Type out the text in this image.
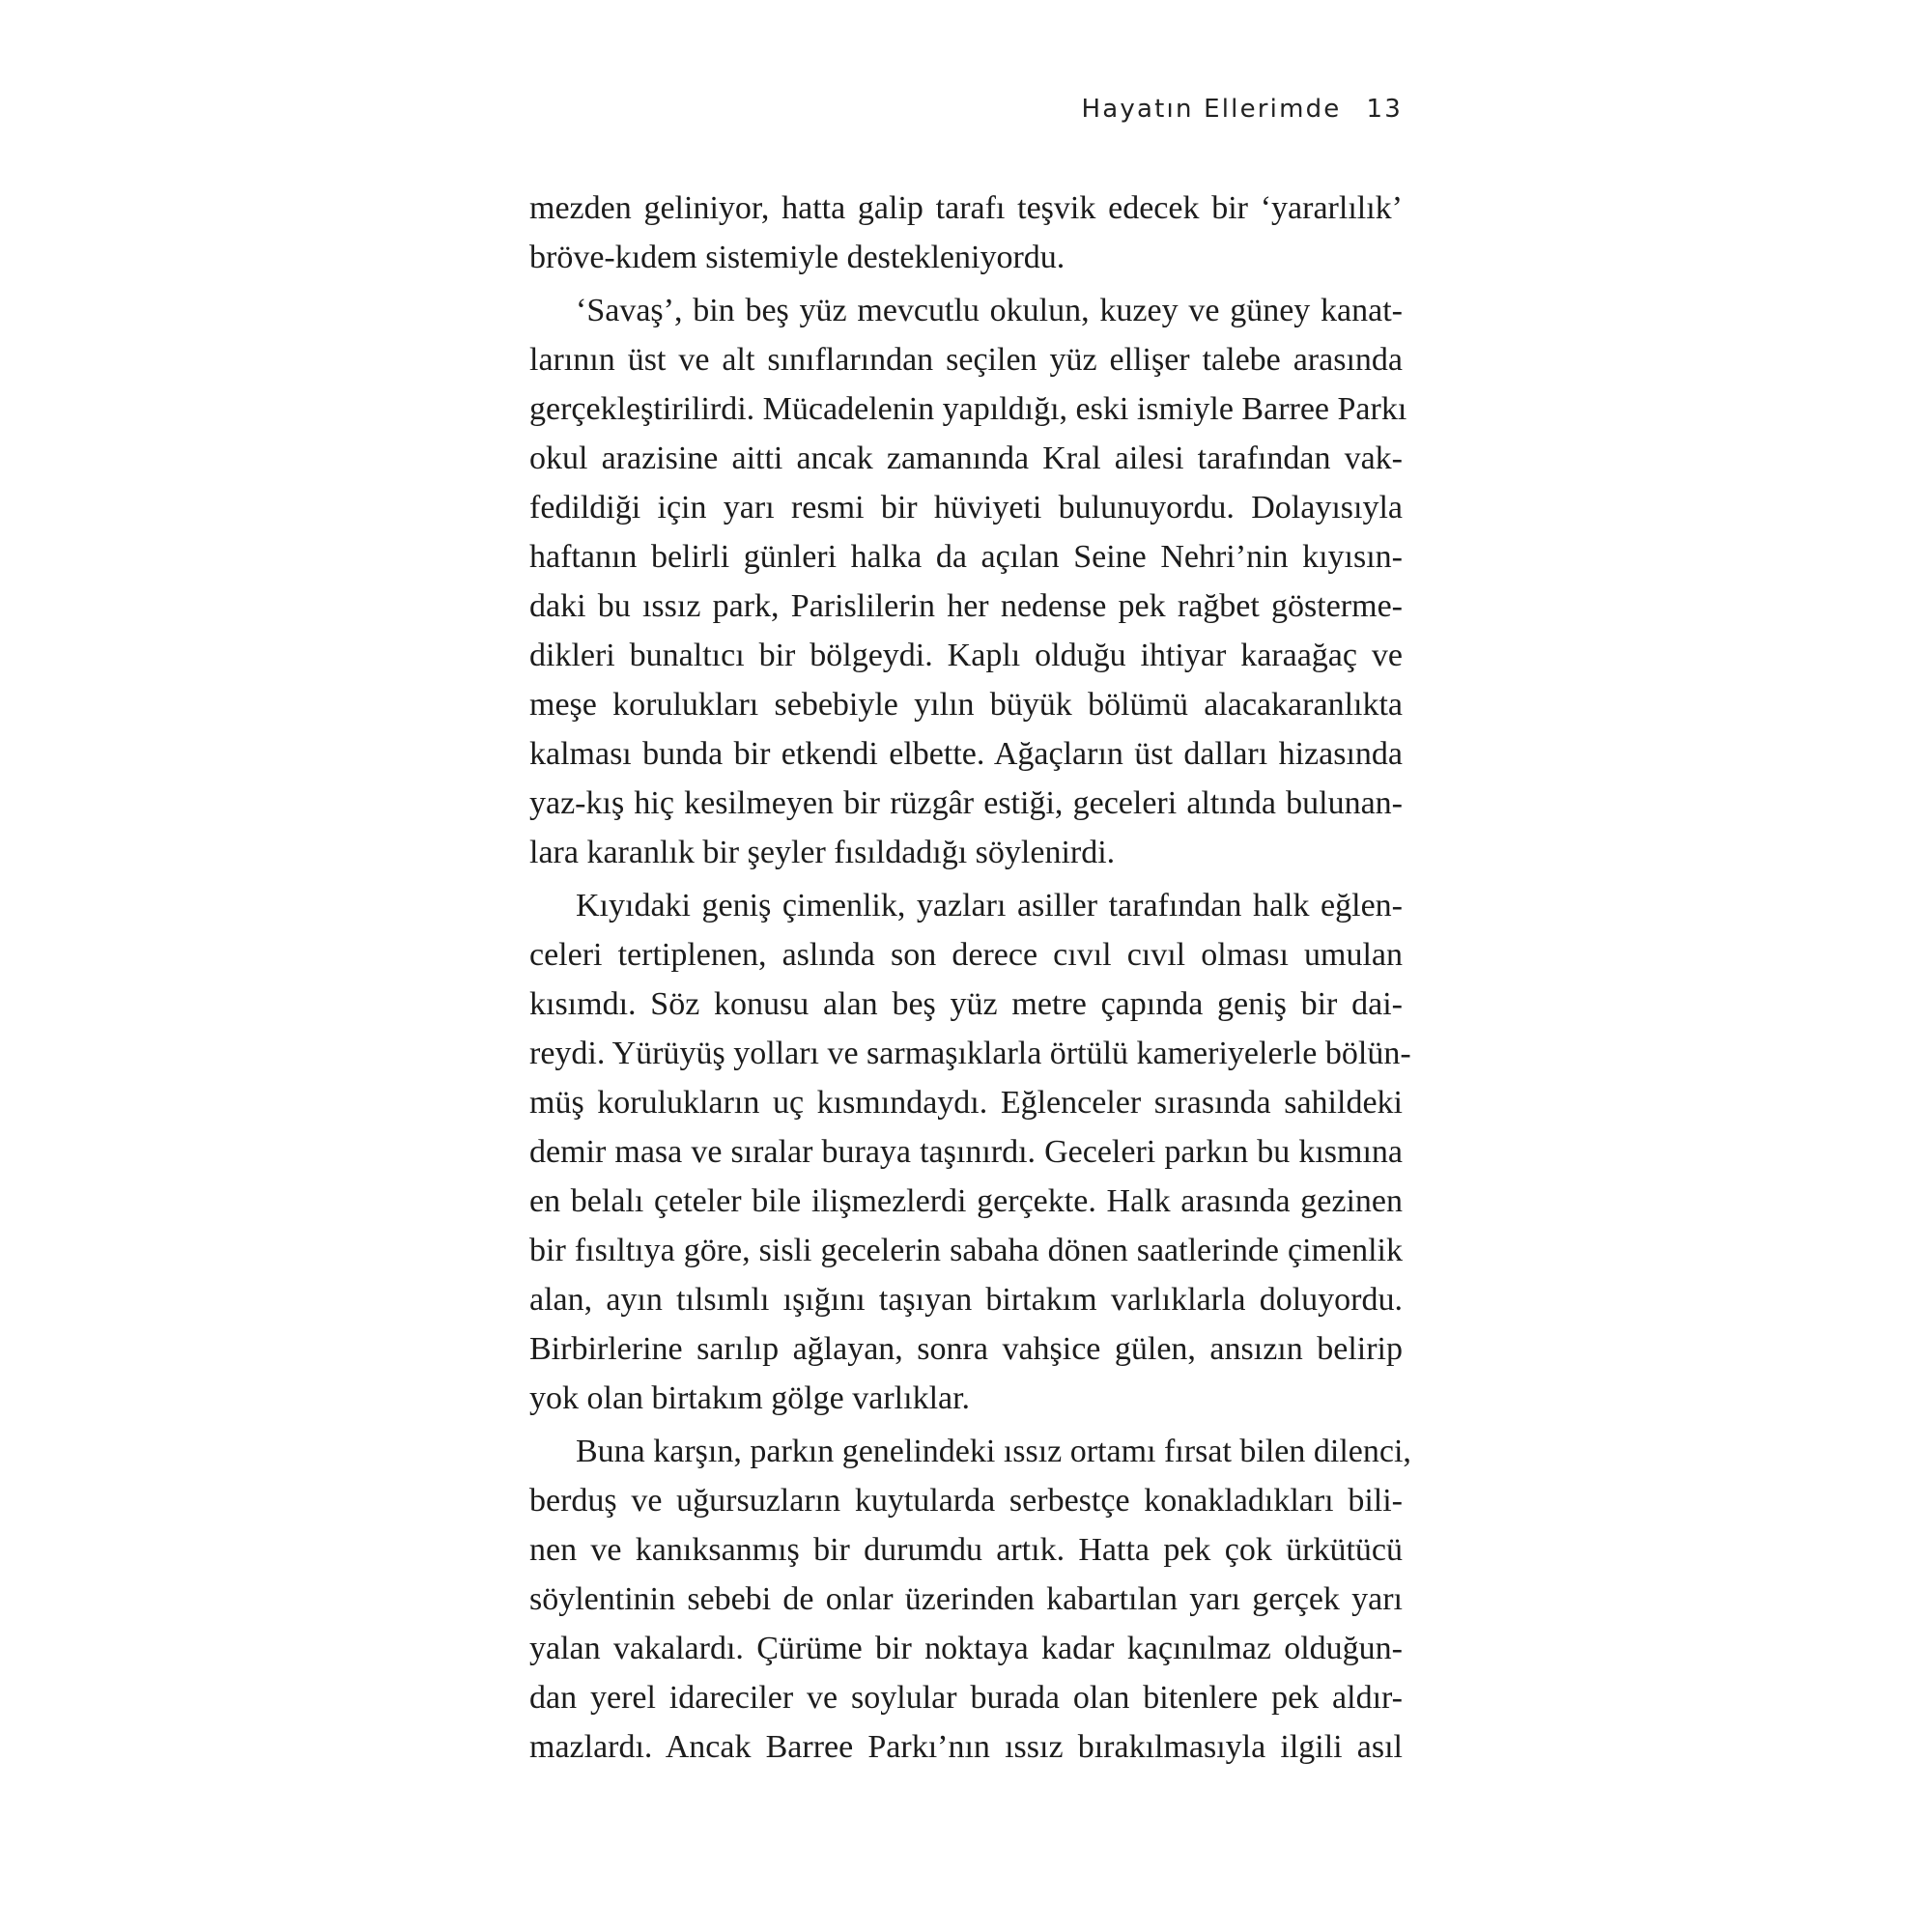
Hayatın Ellerimde 13

mezden geliniyor, hatta galip tarafı teşvik edecek bir ‘yararlılık’
bröve-kıdem sistemiyle destekleniyordu.

‘Savaş’, bin beş yüz mevcutlu okulun, kuzey ve güney kanat-
larının üst ve alt sınıflarından seçilen yüz ellişer talebe arasında
gerçekleştirilirdi. Mücadelenin yapıldığı, eski ismiyle Barree Parkı
okul arazisine aitti ancak zamanında Kral ailesi tarafından vak-
fedildiği için yarı resmi bir hüviyeti bulunuyordu. Dolayısıyla
haftanın belirli günleri halka da açılan Seine Nehri’nin kıyısın-
daki bu ıssız park, Parislilerin her nedense pek rağbet gösterme-
dikleri bunaltıcı bir bölgeydi. Kaplı olduğu ihtiyar karaağaç ve
meşe korulukları sebebiyle yılın büyük bölümü alacakaranlıkta
kalması bunda bir etkendi elbette. Ağaçların üst dalları hizasında
yaz-kış hiç kesilmeyen bir rüzgâr estiği, geceleri altında bulunan-
lara karanlık bir şeyler fısıldadığı söylenirdi.

Kıyıdaki geniş çimenlik, yazları asiller tarafından halk eğlen-
celeri tertiplenen, aslında son derece cıvıl cıvıl olması umulan
kısımdı. Söz konusu alan beş yüz metre çapında geniş bir dai-
reydi. Yürüyüş yolları ve sarmaşıklarla örtülü kameriyelerle bölün-
müş korulukların uç kısmındaydı. Eğlenceler sırasında sahildeki
demir masa ve sıralar buraya taşınırdı. Geceleri parkın bu kısmına
en belalı çeteler bile ilişmezlerdi gerçekte. Halk arasında gezinen
bir fısıltıya göre, sisli gecelerin sabaha dönen saatlerinde çimenlik
alan, ayın tılsımlı ışığını taşıyan birtakım varlıklarla doluyordu.
Birbirlerine sarılıp ağlayan, sonra vahşice gülen, ansızın belirip
yok olan birtakım gölge varlıklar.

Buna karşın, parkın genelindeki ıssız ortamı fırsat bilen dilenci,
berduş ve uğursuzların kuytularda serbestçe konakladıkları bili-
nen ve kanıksanmış bir durumdu artık. Hatta pek çok ürkütücü
söylentinin sebebi de onlar üzerinden kabartılan yarı gerçek yarı
yalan vakalardı. Çürüme bir noktaya kadar kaçınılmaz olduğun-
dan yerel idareciler ve soylular burada olan bitenlere pek aldır-
mazlardı. Ancak Barree Parkı’nın ıssız bırakılmasıyla ilgili asıl
